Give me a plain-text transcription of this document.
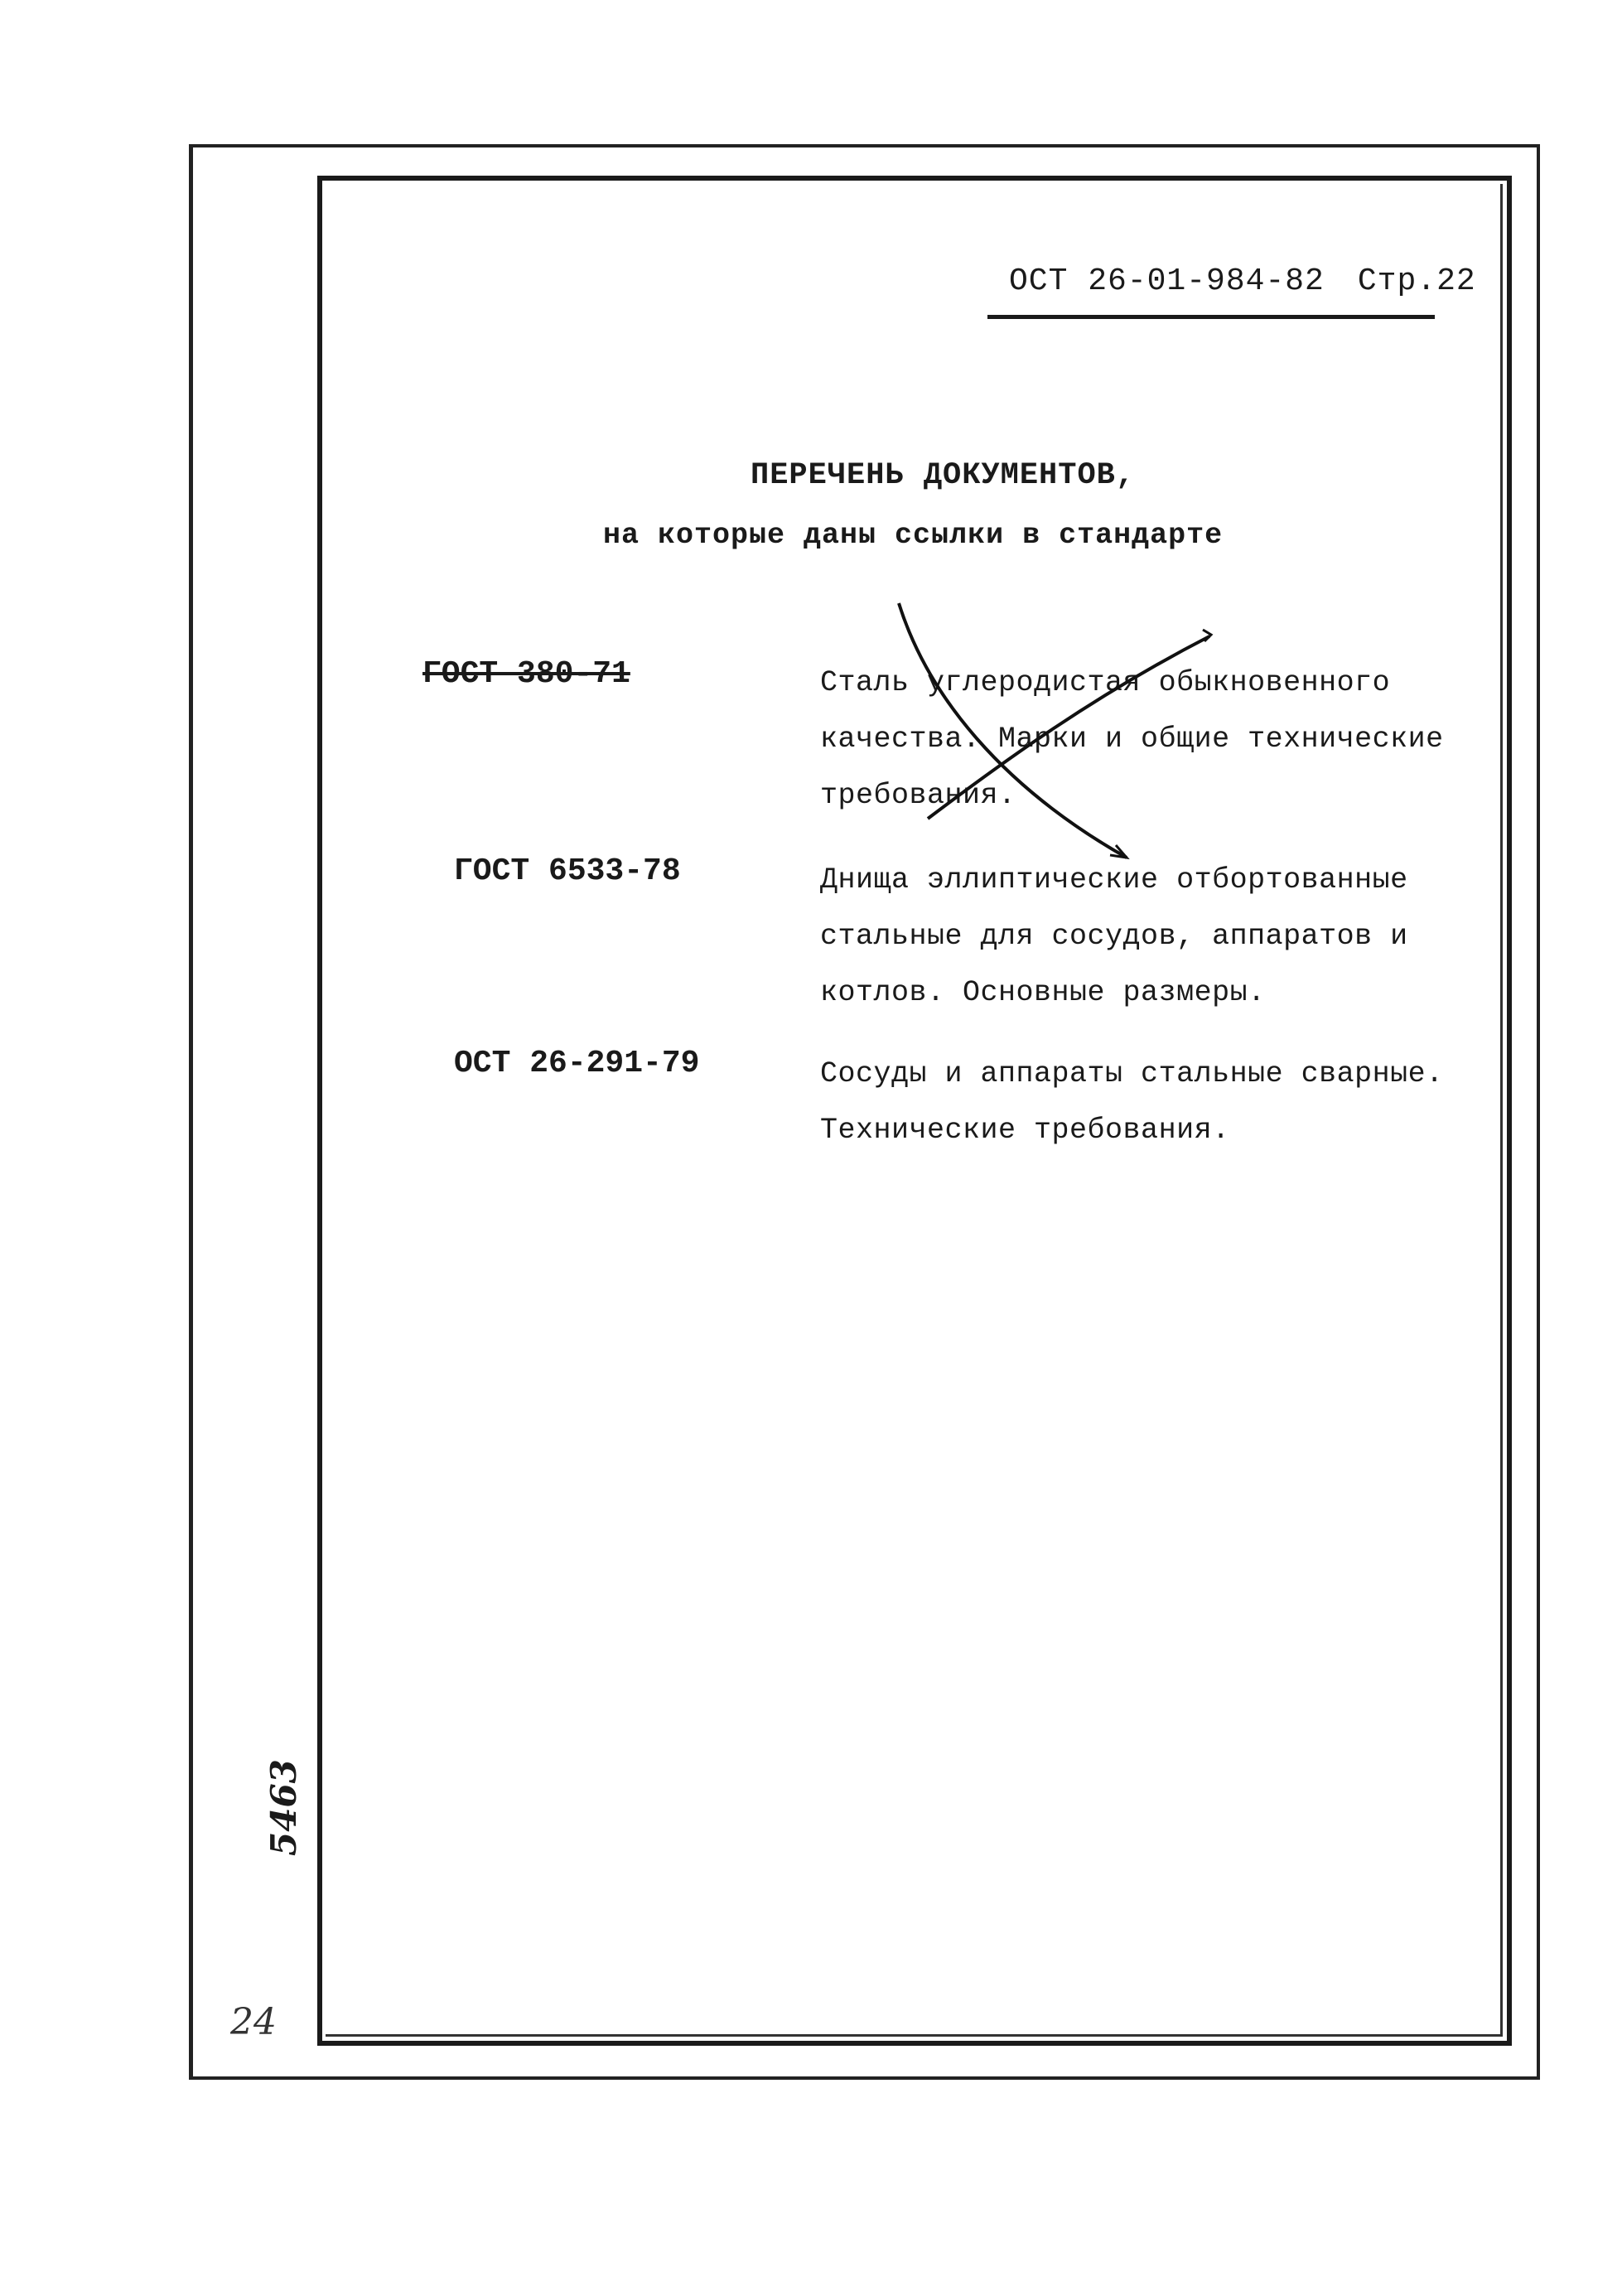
ОСТ 26-01-984-82 Стр.22
ПЕРЕЧЕНЬ ДОКУМЕНТОВ,
на которые даны ссылки в стандарте
ГОСТ 380-71	Сталь углеродистая обыкновенного
качества. Марки и общие технические
требования.
ГОСТ 6533-78	Днища эллиптические отбортованные
стальные для сосудов, аппаратов и
котлов. Основные размеры.
ОСТ 26-291-79	Сосуды и аппараты стальные сварные.
Технические требования.
5463
24
